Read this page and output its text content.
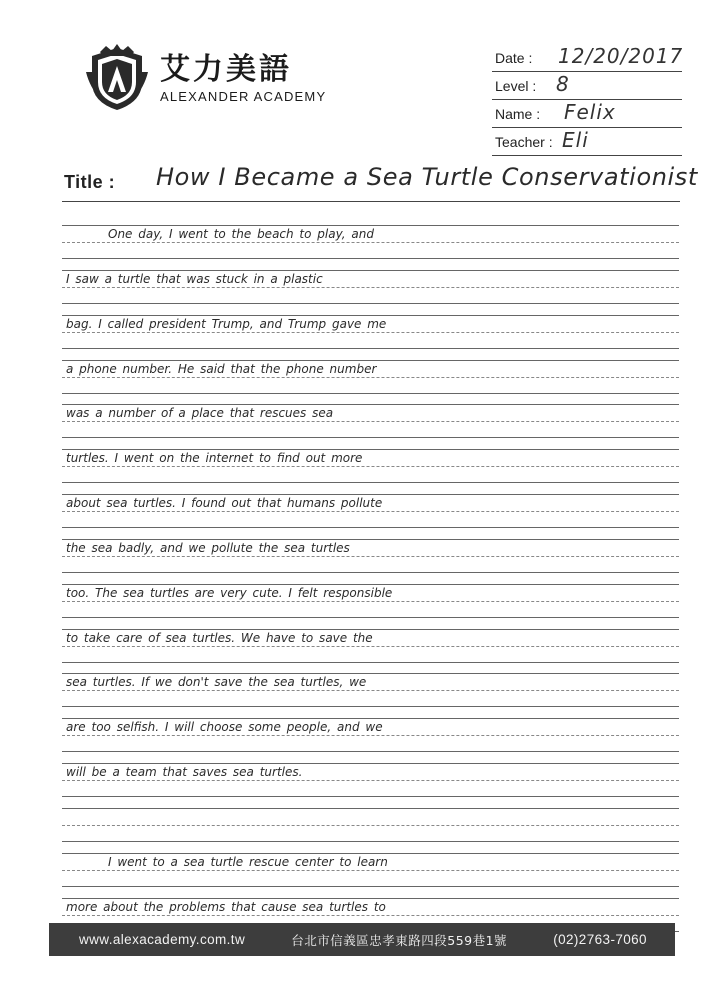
艾力美語
ALEXANDER ACADEMY
Date : 12/20/2017
Level : 8
Name : Felix
Teacher : Eli
Title : How I Became a Sea Turtle Conservationist
One day, I went to the beach to play, and
I saw a turtle that was stuck in a plastic
bag. I called president Trump, and Trump gave me
a phone number. He said that the phone number
was a number of a place that rescues sea
turtles. I went on the internet to find out more
about sea turtles. I found out that humans pollute
the sea badly, and we pollute the sea turtles
too. The sea turtles are very cute. I felt responsible
to take care of sea turtles. We have to save the
sea turtles. If we don't save the sea turtles, we
are too selfish. I will choose some people, and we
will be a team that saves sea turtles.
I went to a sea turtle rescue center to learn
more about the problems that cause sea turtles to
www.alexacademy.com.tw	台北市信義區忠孝東路四段559巷1號	(02)2763-7060
